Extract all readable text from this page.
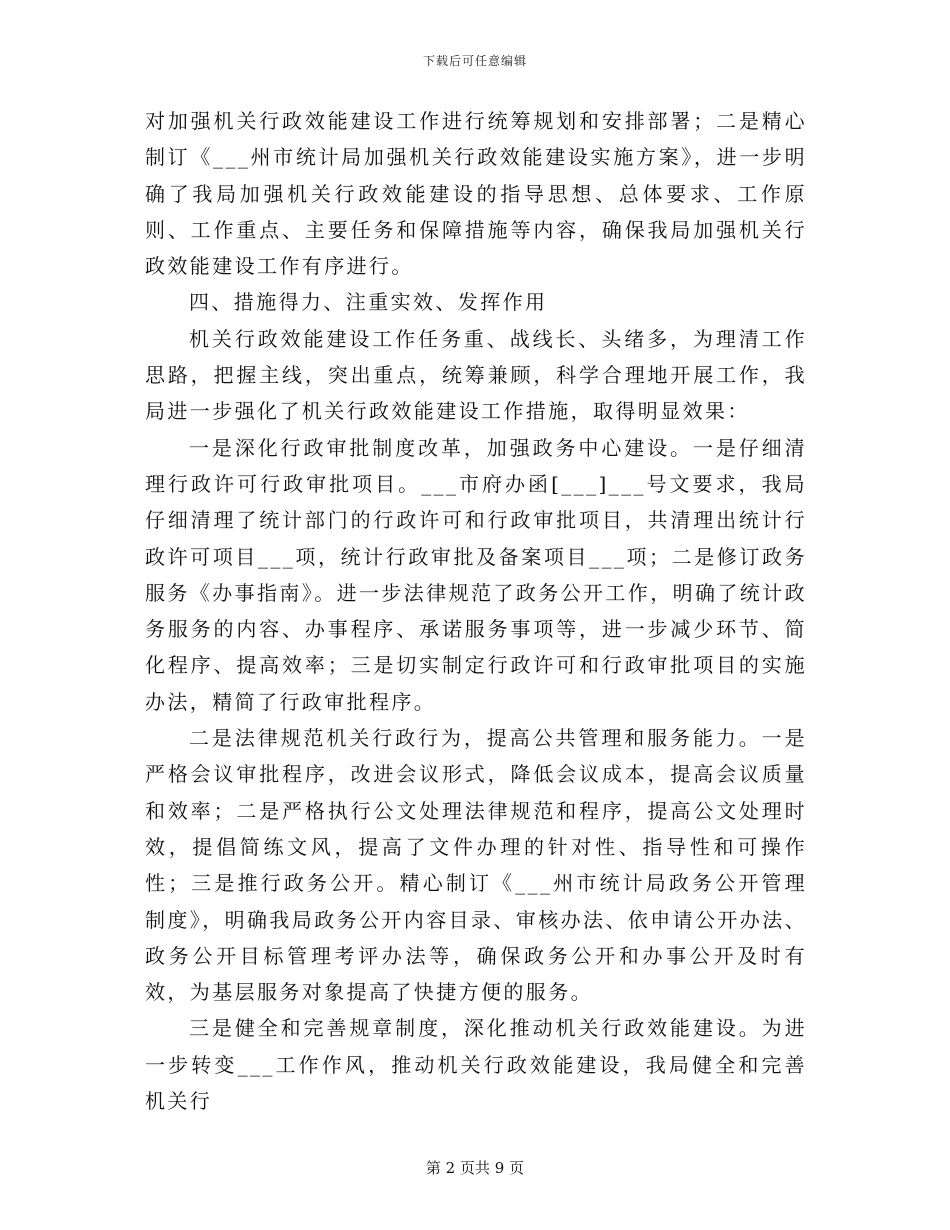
下载后可任意编辑

对加强机关行政效能建设工作进行统筹规划和安排部署；二是精心制订《___州市统计局加强机关行政效能建设实施方案》，进一步明确了我局加强机关行政效能建设的指导思想、总体要求、工作原则、工作重点、主要任务和保障措施等内容，确保我局加强机关行政效能建设工作有序进行。

四、措施得力、注重实效、发挥作用

机关行政效能建设工作任务重、战线长、头绪多，为理清工作思路，把握主线，突出重点，统筹兼顾，科学合理地开展工作，我局进一步强化了机关行政效能建设工作措施，取得明显效果：

一是深化行政审批制度改革，加强政务中心建设。一是仔细清理行政许可行政审批项目。___市府办函[___]___号文要求，我局仔细清理了统计部门的行政许可和行政审批项目，共清理出统计行政许可项目___项，统计行政审批及备案项目___项；二是修订政务服务《办事指南》。进一步法律规范了政务公开工作，明确了统计政务服务的内容、办事程序、承诺服务事项等，进一步减少环节、简化程序、提高效率；三是切实制定行政许可和行政审批项目的实施办法，精简了行政审批程序。

二是法律规范机关行政行为，提高公共管理和服务能力。一是严格会议审批程序，改进会议形式，降低会议成本，提高会议质量和效率；二是严格执行公文处理法律规范和程序，提高公文处理时效，提倡简练文风，提高了文件办理的针对性、指导性和可操作性；三是推行政务公开。精心制订《___州市统计局政务公开管理制度》，明确我局政务公开内容目录、审核办法、依申请公开办法、政务公开目标管理考评办法等，确保政务公开和办事公开及时有效，为基层服务对象提高了快捷方便的服务。

三是健全和完善规章制度，深化推动机关行政效能建设。为进一步转变___工作作风，推动机关行政效能建设，我局健全和完善机关行

第 2 页共 9 页
